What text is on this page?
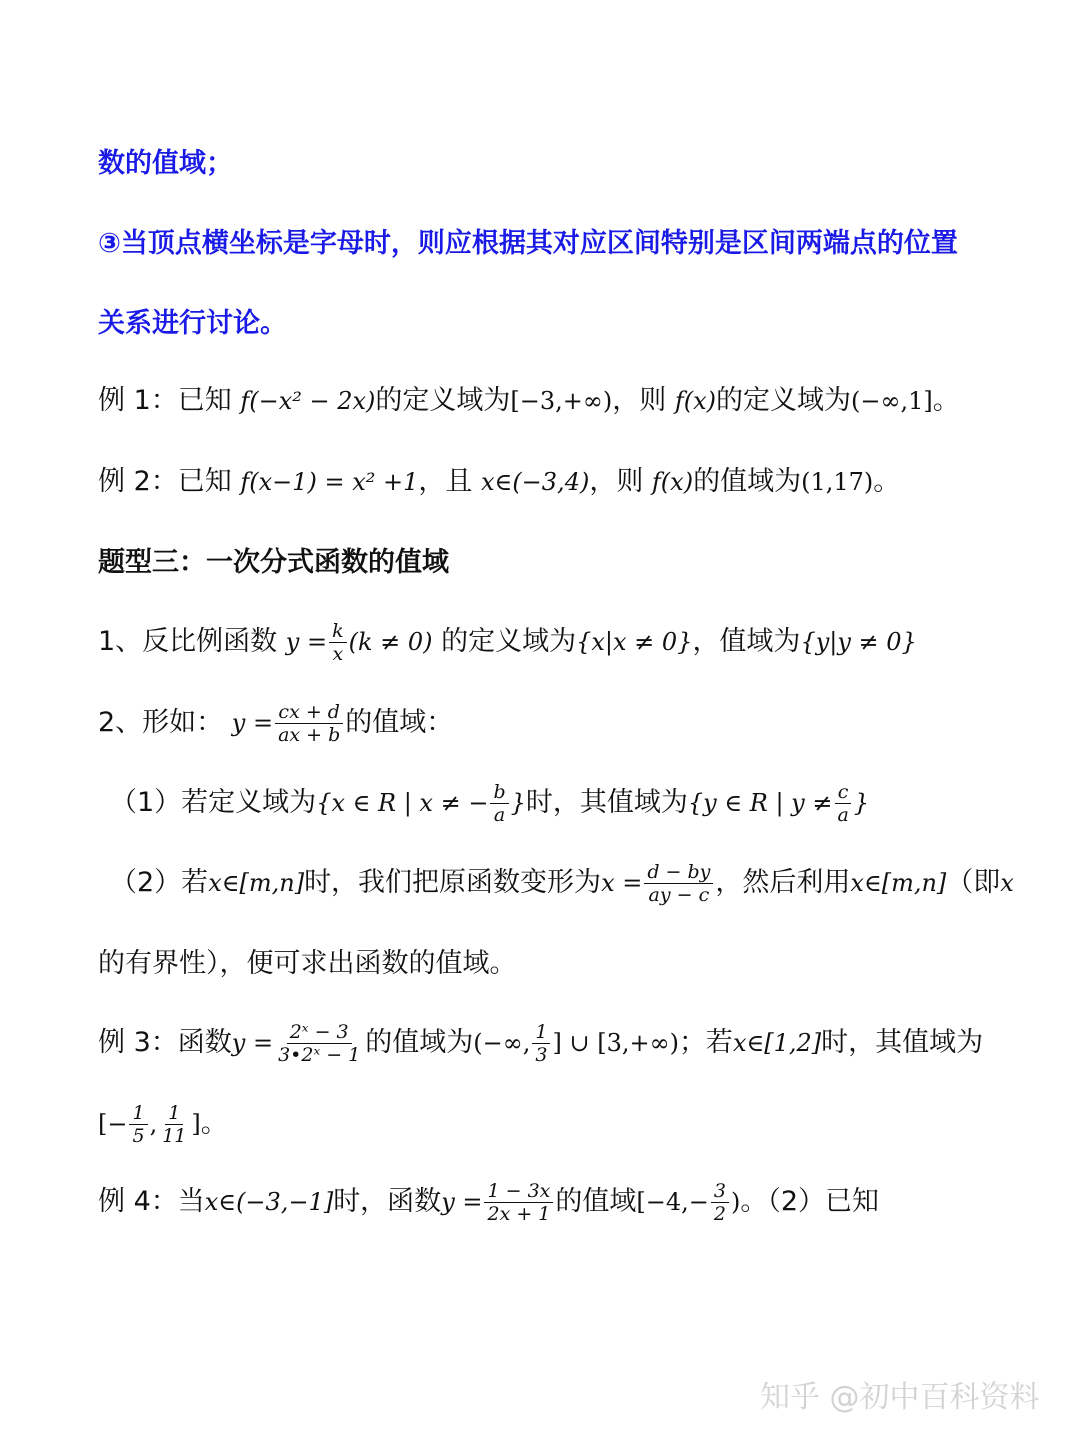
数的值域；
③当顶点横坐标是字母时，则应根据其对应区间特别是区间两端点的位置
关系进行讨论。
例 1：已知 f(−x² − 2x)的定义域为[−3,+∞)，则 f(x)的定义域为(−∞,1]。
例 2：已知 f(x−1) = x² +1，且 x∈(−3,4)，则 f(x)的值域为(1,17)。
题型三：一次分式函数的值域
1、反比例函数 $y = \frac{k}{x} (k \ne 0)$ 的定义域为{x|x ≠ 0}，值域为{y|y ≠ 0}
2、形如： $y = \frac{cx + d}{ax + b}$ 的值域：
（1）若定义域为{x ∈ R | x ≠ − $\frac{b}{a}$ }时，其值域为{y ∈ R | $y \ne \frac{c}{a}$ }
（2）若x∈[m,n]时，我们把原函数变形为$x = \frac{d - by}{ay - c}$ ，然后利用x∈[m,n]（即x
的有界性），便可求出函数的值域。
例 3：函数$y = \frac{\text{2ˣ − 3}}{\text{3•2ˣ − 1}}$ 的值域为(−∞, $\frac{1}{3}$ ] ∪ [3,+∞)；若x∈[1,2]时，其值域为
[− $\frac{1}{5}$ , $\frac{1}{11}$ ]。
例 4：当x∈(−3,−1]时，函数$y = \frac{1 - 3x}{2x + 1}$ 的值域[$-4,- \frac{3}{2}$ )。（2）已知
知乎 @初中百科资料
